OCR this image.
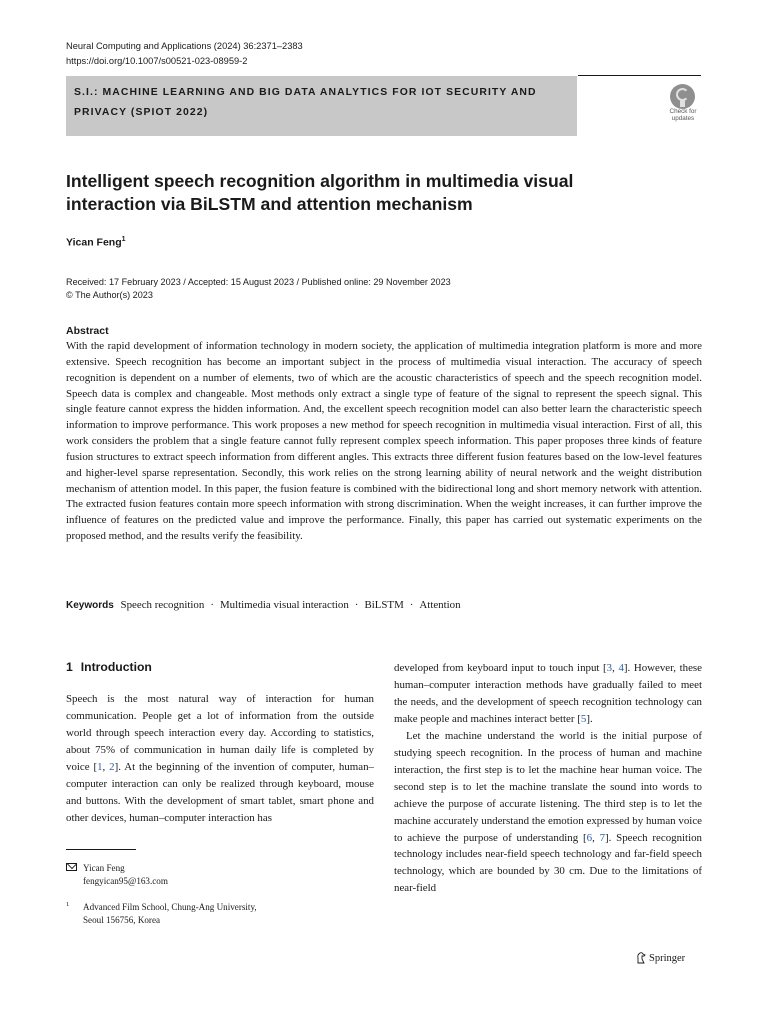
Neural Computing and Applications (2024) 36:2371–2383
https://doi.org/10.1007/s00521-023-08959-2
S.I.: MACHINE LEARNING AND BIG DATA ANALYTICS FOR IOT SECURITY AND
PRIVACY (SPIOT 2022)	Check for
updates
Intelligent speech recognition algorithm in multimedia visual
interaction via BiLSTM and attention mechanism
Yican Feng$^1$
Received: 17 February 2023 / Accepted: 15 August 2023 / Published online: 29 November 2023
© The Author(s) 2023
Abstract
With the rapid development of information technology in modern society, the application of multimedia integration platform is more and more extensive. Speech recognition has become an important subject in the process of multimedia visual interaction. The accuracy of speech recognition is dependent on a number of elements, two of which are the acoustic characteristics of speech and the speech recognition model. Speech data is complex and changeable. Most methods only extract a single type of feature of the signal to represent the speech signal. This single feature cannot express the hidden information. And, the excellent speech recognition model can also better learn the characteristic speech information to improve performance. This work proposes a new method for speech recognition in multimedia visual interaction. First of all, this work considers the problem that a single feature cannot fully represent complex speech information. This paper proposes three kinds of feature fusion structures to extract speech information from different angles. This extracts three different fusion features based on the low-level features and higher-level sparse representation. Secondly, this work relies on the strong learning ability of neural network and the weight distribution mechanism of attention model. In this paper, the fusion feature is combined with the bidirectional long and short memory network with attention. The extracted fusion features contain more speech information with strong discrimination. When the weight increases, it can further improve the influence of features on the predicted value and improve the performance. Finally, this paper has carried out systematic experiments on the proposed method, and the results verify the feasibility.
Keywords Speech recognition · Multimedia visual interaction · BiLSTM · Attention
1 Introduction

Speech is the most natural way of interaction for human communication. People get a lot of information from the outside world through speech interaction every day. According to statistics, about 75% of communication in human daily life is completed by voice [1, 2]. At the beginning of the invention of computer, human–computer interaction can only be realized through keyboard, mouse and buttons. With the development of smart tablet, smart phone and other devices, human–computer interaction has

developed from keyboard input to touch input [3, 4]. However, these human–computer interaction methods have gradually failed to meet the needs, and the development of speech recognition technology can make people and machines interact better [5].

Let the machine understand the world is the initial purpose of studying speech recognition. In the process of human and machine interaction, the first step is to let the machine hear human voice. The second step is to let the machine translate the sound into words to achieve the purpose of accurate listening. The third step is to let the machine accurately understand the emotion expressed by human voice to achieve the purpose of understanding [6, 7]. Speech recognition technology includes near-field speech technology and far-field speech technology, which are bounded by 30 cm. Due to the limitations of near-field

Yican Feng
fengyican95@163.com
1	Advanced Film School, Chung-Ang University,
Seoul 156756, Korea
Springer
